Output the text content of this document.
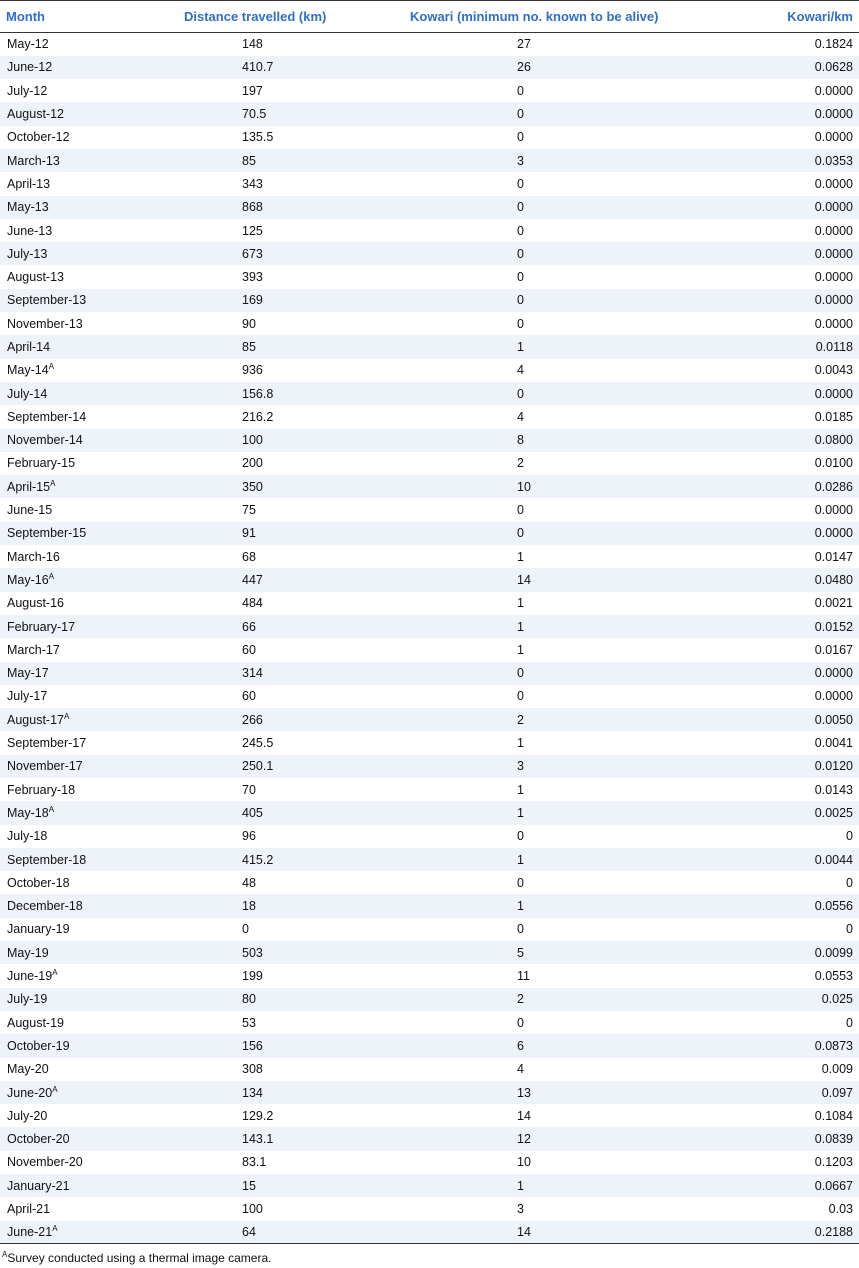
Month	Distance travelled (km)	Kowari (minimum no. known to be alive)	Kowari/km
May-12	148	27	0.1824
June-12	410.7	26	0.0628
July-12	197	0	0.0000
August-12	70.5	0	0.0000
October-12	135.5	0	0.0000
March-13	85	3	0.0353
April-13	343	0	0.0000
May-13	868	0	0.0000
June-13	125	0	0.0000
July-13	673	0	0.0000
August-13	393	0	0.0000
September-13	169	0	0.0000
November-13	90	0	0.0000
April-14	85	1	0.0118
May-$14^A$	936	4	0.0043
July-14	156.8	0	0.0000
September-14	216.2	4	0.0185
November-14	100	8	0.0800
February-15	200	2	0.0100
April-$15^A$	350	10	0.0286
June-15	75	0	0.0000
September-15	91	0	0.0000
March-16	68	1	0.0147
May-$16^A$	447	14	0.0480
August-16	484	1	0.0021
February-17	66	1	0.0152
March-17	60	1	0.0167
May-17	314	0	0.0000
July-17	60	0	0.0000
August-$17^A$	266	2	0.0050
September-17	245.5	1	0.0041
November-17	250.1	3	0.0120
February-18	70	1	0.0143
May-$18^A$	405	1	0.0025
July-18	96	0	0
September-18	415.2	1	0.0044
October-18	48	0	0
December-18	18	1	0.0556
January-19	0	0	0
May-19	503	5	0.0099
June-$19^A$	199	11	0.0553
July-19	80	2	0.025
August-19	53	0	0
October-19	156	6	0.0873
May-20	308	4	0.009
June-$20^A$	134	13	0.097
July-20	129.2	14	0.1084
October-20	143.1	12	0.0839
November-20	83.1	10	0.1203
January-21	15	1	0.0667
April-21	100	3	0.03
June-$21^A$	64	14	0.2188
$^A$Survey conducted using a thermal image camera.
